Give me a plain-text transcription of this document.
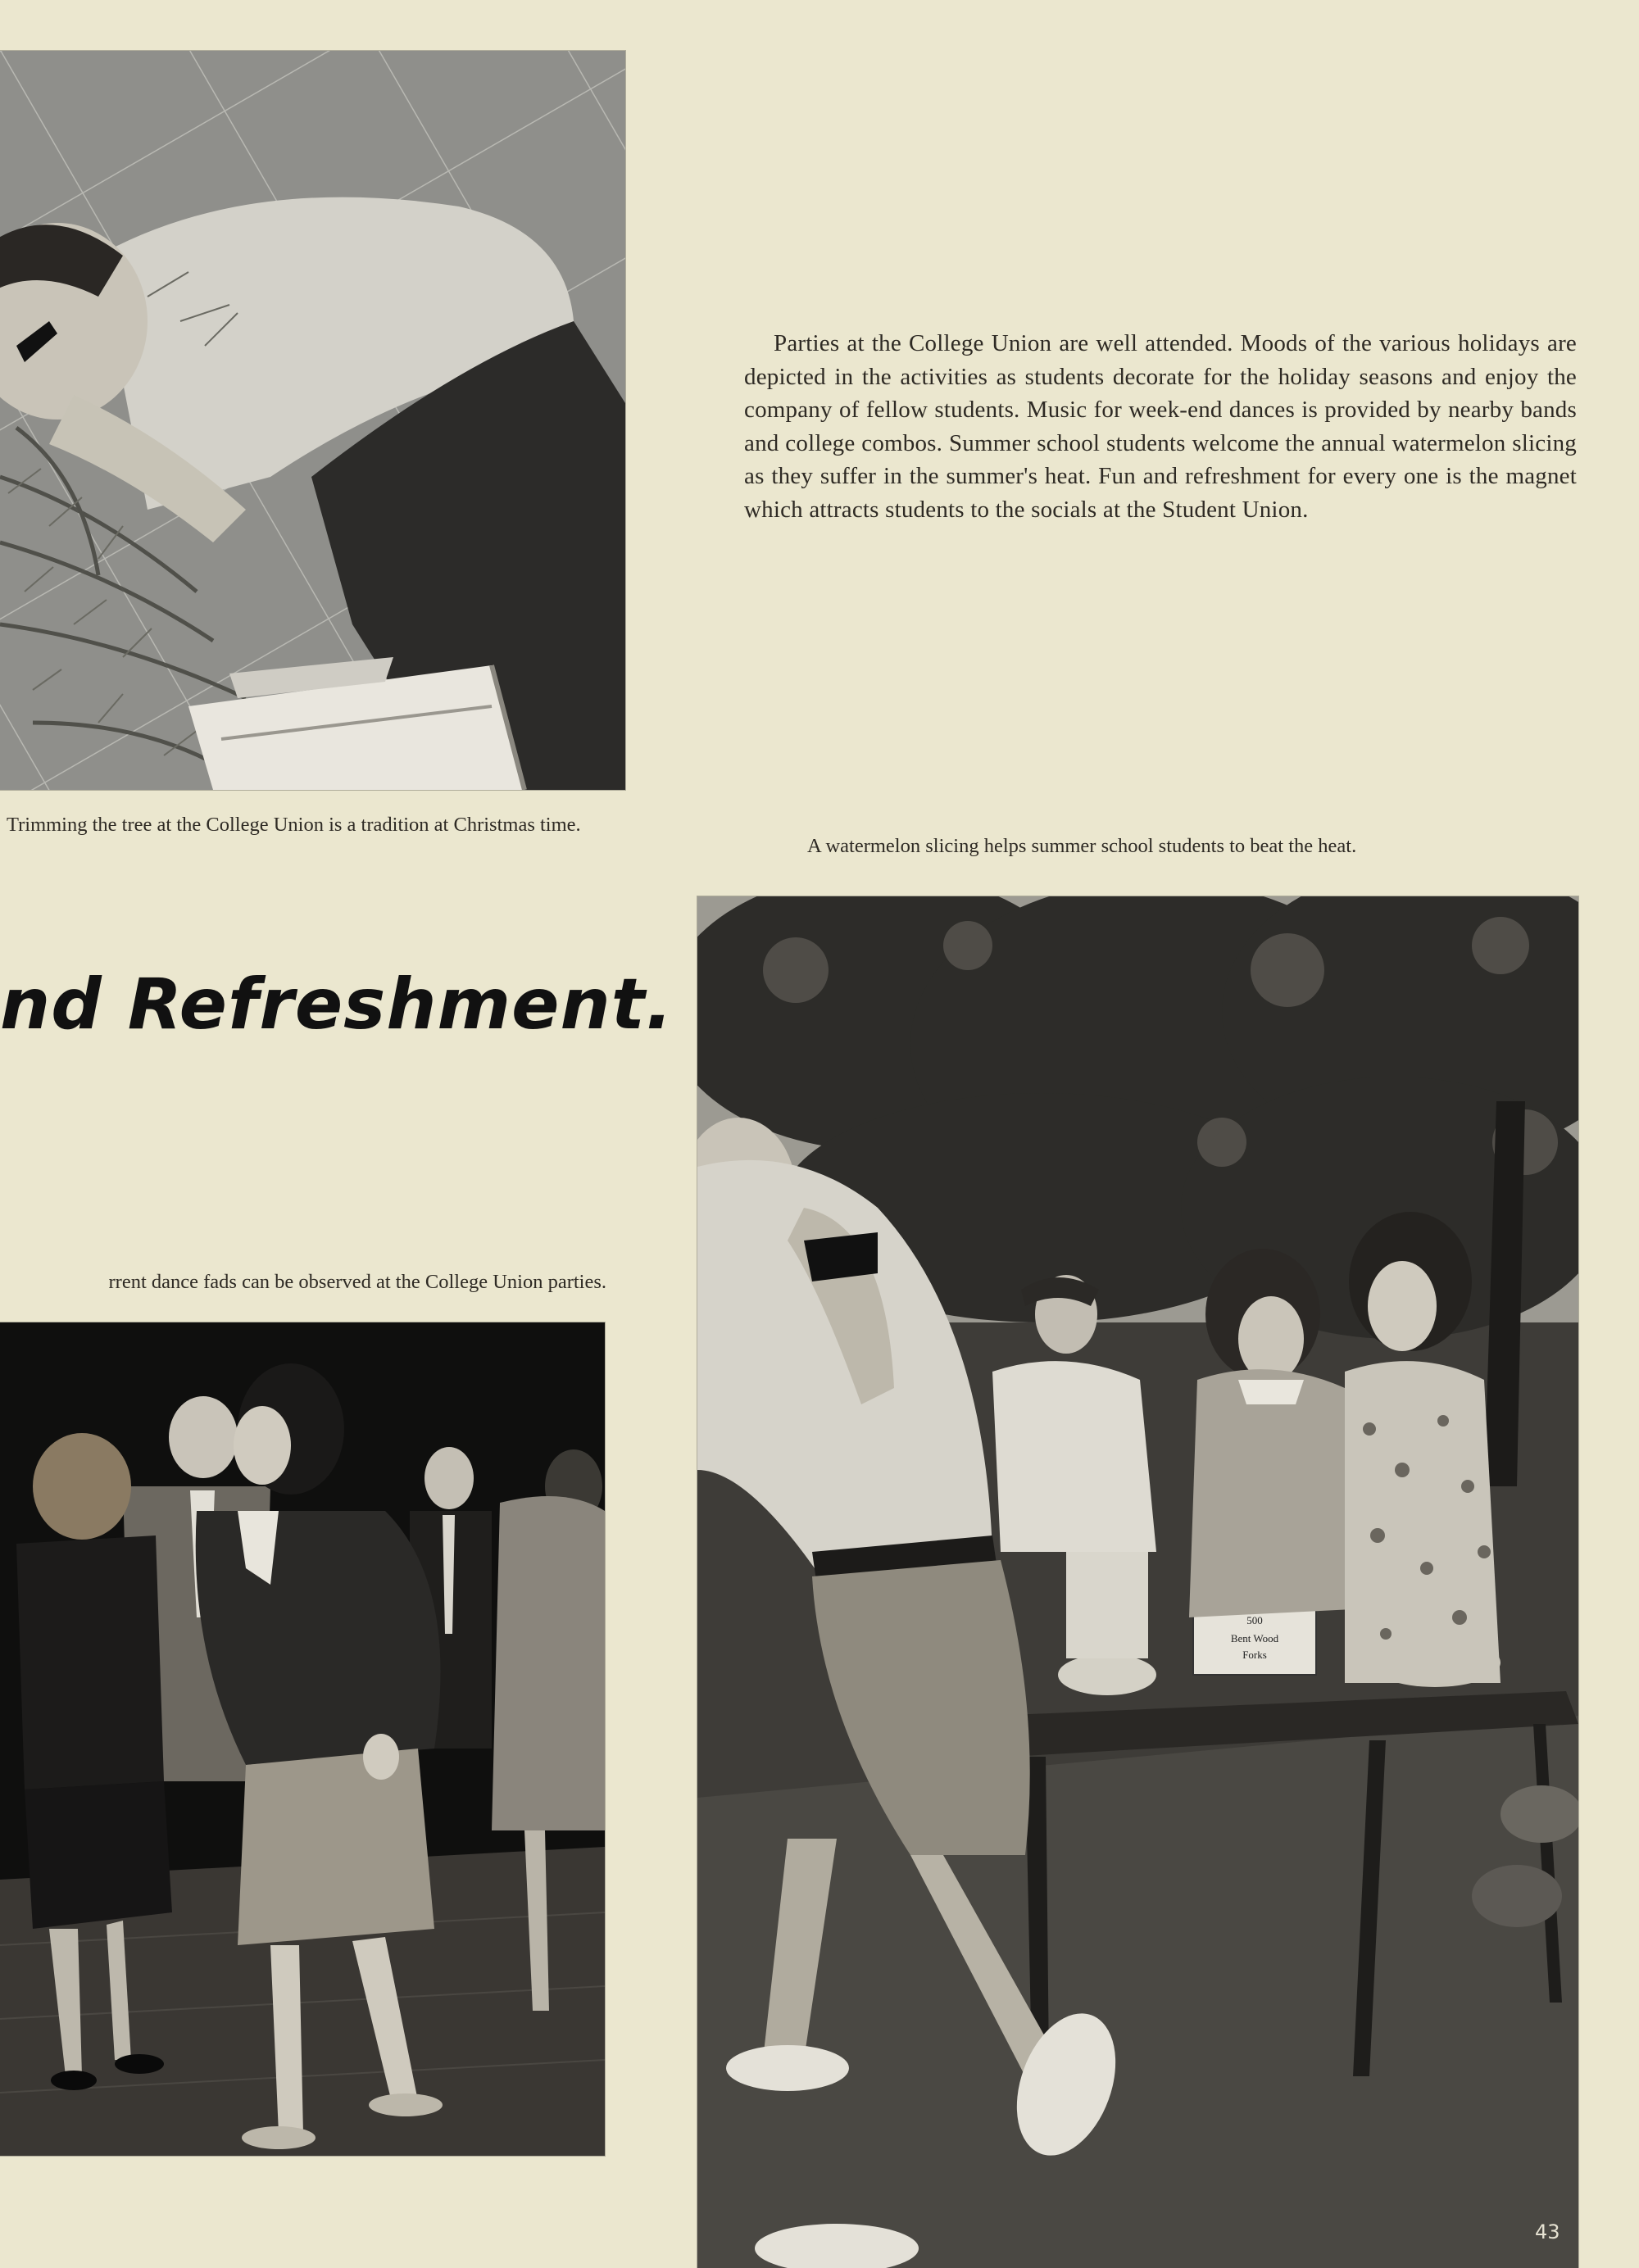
Trimming the tree at the College Union is a tradition at Christmas time.

Parties at the College Union are well attended. Moods of the various holidays are depicted in the activities as students decorate for the holiday seasons and enjoy the company of fellow students. Music for week-end dances is provided by nearby bands and college combos. Summer school students welcome the annual watermelon slicing as they suffer in the summer's heat. Fun and refreshment for every one is the magnet which attracts students to the socials at the Student Union.

A watermelon slicing helps summer school students to beat the heat.
nd Refreshment.
rrent dance fads can be observed at the College Union parties.
500
Bent Wood
Forks
43
